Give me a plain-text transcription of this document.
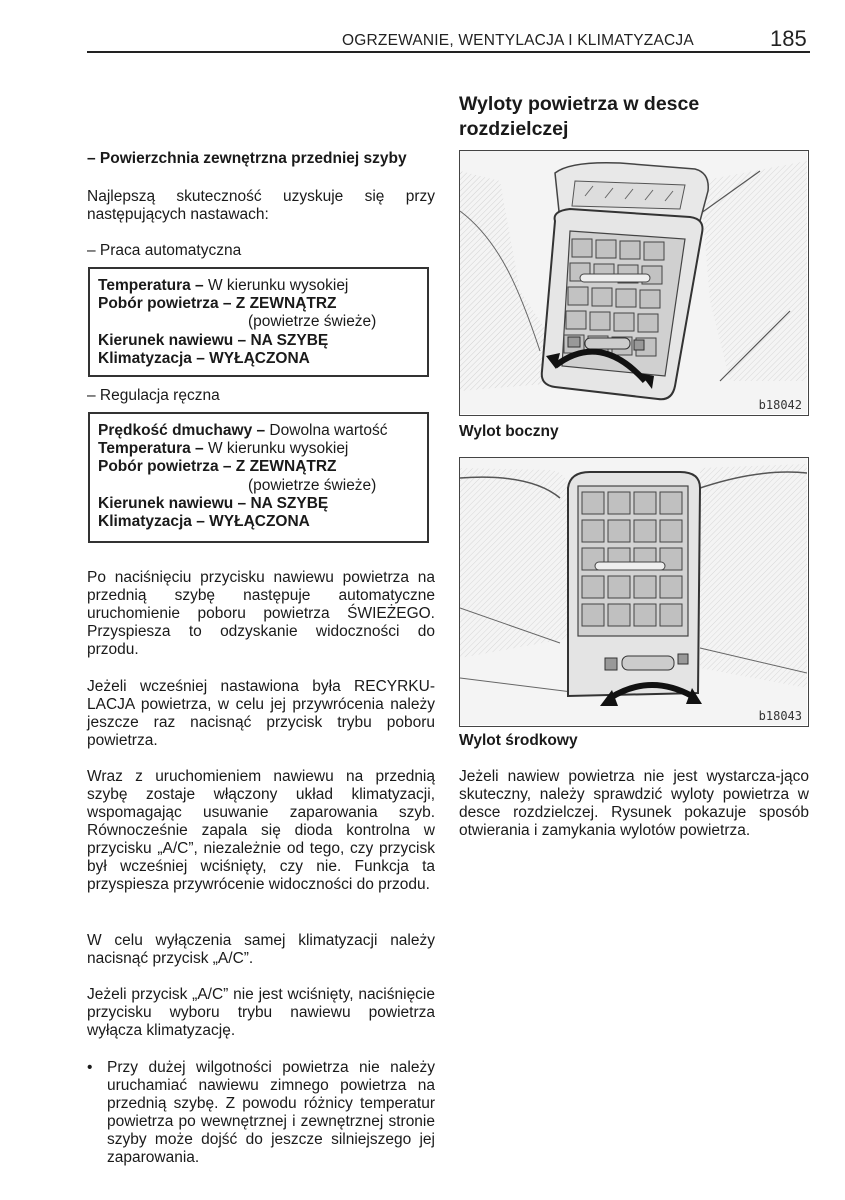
OGRZEWANIE, WENTYLACJA I KLIMATYZACJA	185
– Powierzchnia zewnętrzna przedniej szyby

Najlepszą skuteczność uzyskuje się przy następujących nastawach:

– Praca automatyczna
Temperatura – W kierunku wysokiej
Pobór powietrza – Z ZEWNĄTRZ
(powietrze świeże)
Kierunek nawiewu – NA SZYBĘ
Klimatyzacja – WYŁĄCZONA
– Regulacja ręczna
Prędkość dmuchawy – Dowolna wartość
Temperatura – W kierunku wysokiej
Pobór powietrza – Z ZEWNĄTRZ
(powietrze świeże)
Kierunek nawiewu – NA SZYBĘ
Klimatyzacja – WYŁĄCZONA

Po naciśnięciu przycisku nawiewu powietrza na przednią szybę następuje automatyczne uruchomienie poboru powietrza ŚWIEŻEGO. Przyspiesza to odzyskanie widoczności do przodu.

Jeżeli wcześniej nastawiona była RECYRKU-LACJA powietrza, w celu jej przywrócenia należy jeszcze raz nacisnąć przycisk trybu poboru powietrza.

Wraz z uruchomieniem nawiewu na przednią szybę zostaje włączony układ klimatyzacji, wspomagając usuwanie zaparowania szyb. Równocześnie zapala się dioda kontrolna w przycisku „A/C”, niezależnie od tego, czy przycisk był wcześniej wciśnięty, czy nie. Funkcja ta przyspiesza przywrócenie widoczności do przodu.

W celu wyłączenia samej klimatyzacji należy nacisnąć przycisk „A/C”.

Jeżeli przycisk „A/C” nie jest wciśnięty, naciśnięcie przycisku wyboru trybu nawiewu powietrza wyłącza klimatyzację.

• Przy dużej wilgotności powietrza nie należy uruchamiać nawiewu zimnego powietrza na przednią szybę. Z powodu różnicy temperatur powietrza po wewnętrznej i zewnętrznej stronie szyby może dojść do jeszcze silniejszego jej zaparowania.

Wyloty powietrza w desce rozdzielczej
b18042
Wylot boczny
b18043
Wylot środkowy

Jeżeli nawiew powietrza nie jest wystarcza-jąco skuteczny, należy sprawdzić wyloty powietrza w desce rozdzielczej. Rysunek pokazuje sposób otwierania i zamykania wylotów powietrza.
